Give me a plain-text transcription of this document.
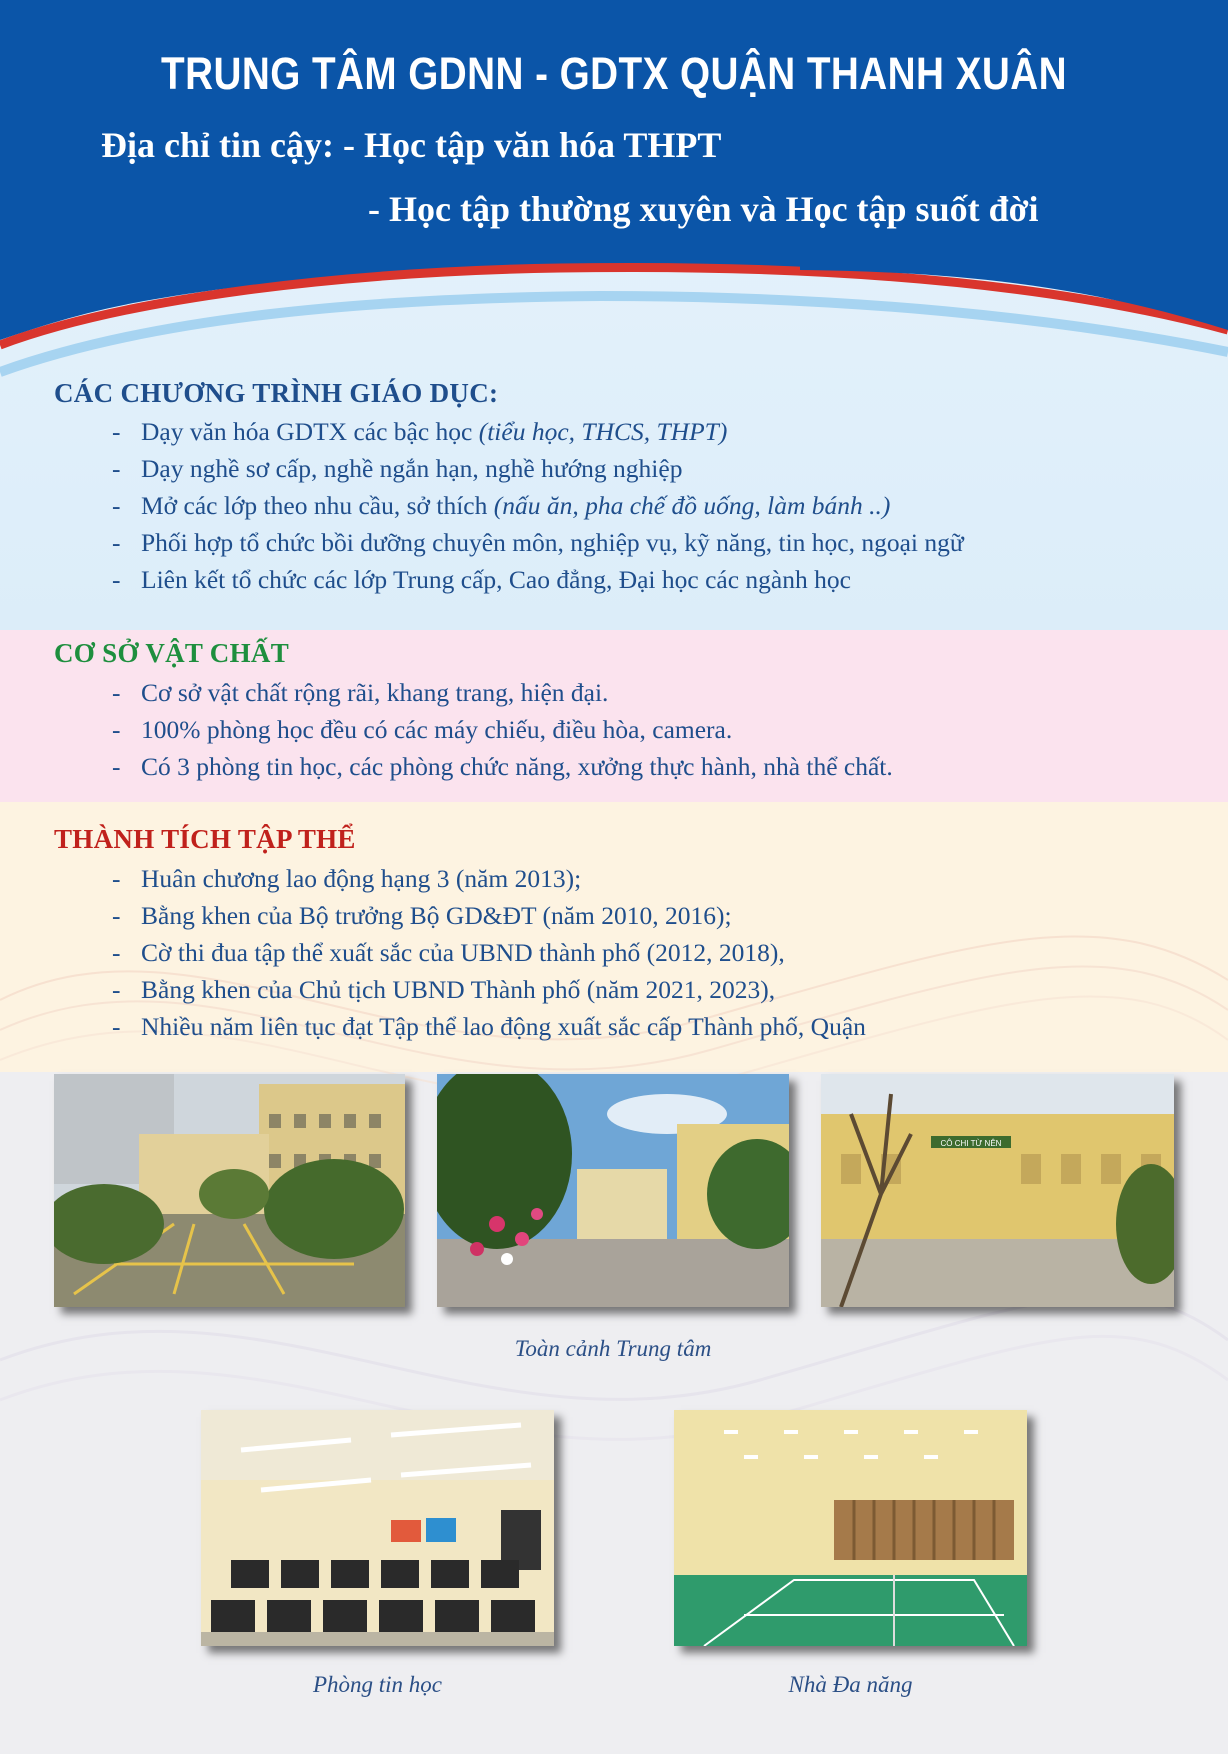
TRUNG TÂM GDNN - GDTX QUẬN THANH XUÂN
Địa chỉ tin cậy: - Học tập văn hóa THPT
- Học tập thường xuyên và Học tập suốt đời
CÁC CHƯƠNG TRÌNH GIÁO DỤC:
- Dạy văn hóa GDTX các bậc học (tiểu học, THCS, THPT)
- Dạy nghề sơ cấp, nghề ngắn hạn, nghề hướng nghiệp
- Mở các lớp theo nhu cầu, sở thích (nấu ăn, pha chế đồ uống, làm bánh ..)
- Phối hợp tổ chức bồi dưỡng chuyên môn, nghiệp vụ, kỹ năng, tin học, ngoại ngữ
- Liên kết tổ chức các lớp Trung cấp, Cao đẳng, Đại học các ngành học
CƠ SỞ VẬT CHẤT
- Cơ sở vật chất rộng rãi, khang trang, hiện đại.
- 100% phòng học đều có các máy chiếu, điều hòa, camera.
- Có 3 phòng tin học, các phòng chức năng, xưởng thực hành, nhà thể chất.
THÀNH TÍCH TẬP THỂ
- Huân chương lao động hạng 3 (năm 2013);
- Bằng khen của Bộ trưởng Bộ GD&ĐT (năm 2010, 2016);
- Cờ thi đua tập thể xuất sắc của UBND thành phố (2012, 2018),
- Bằng khen của Chủ tịch UBND Thành phố (năm 2021, 2023),
- Nhiều năm liên tục đạt Tập thể lao động xuất sắc cấp Thành phố, Quận
CÔ CHI TỪ NÊN
Toàn cảnh Trung tâm
Phòng tin học	Nhà Đa năng
